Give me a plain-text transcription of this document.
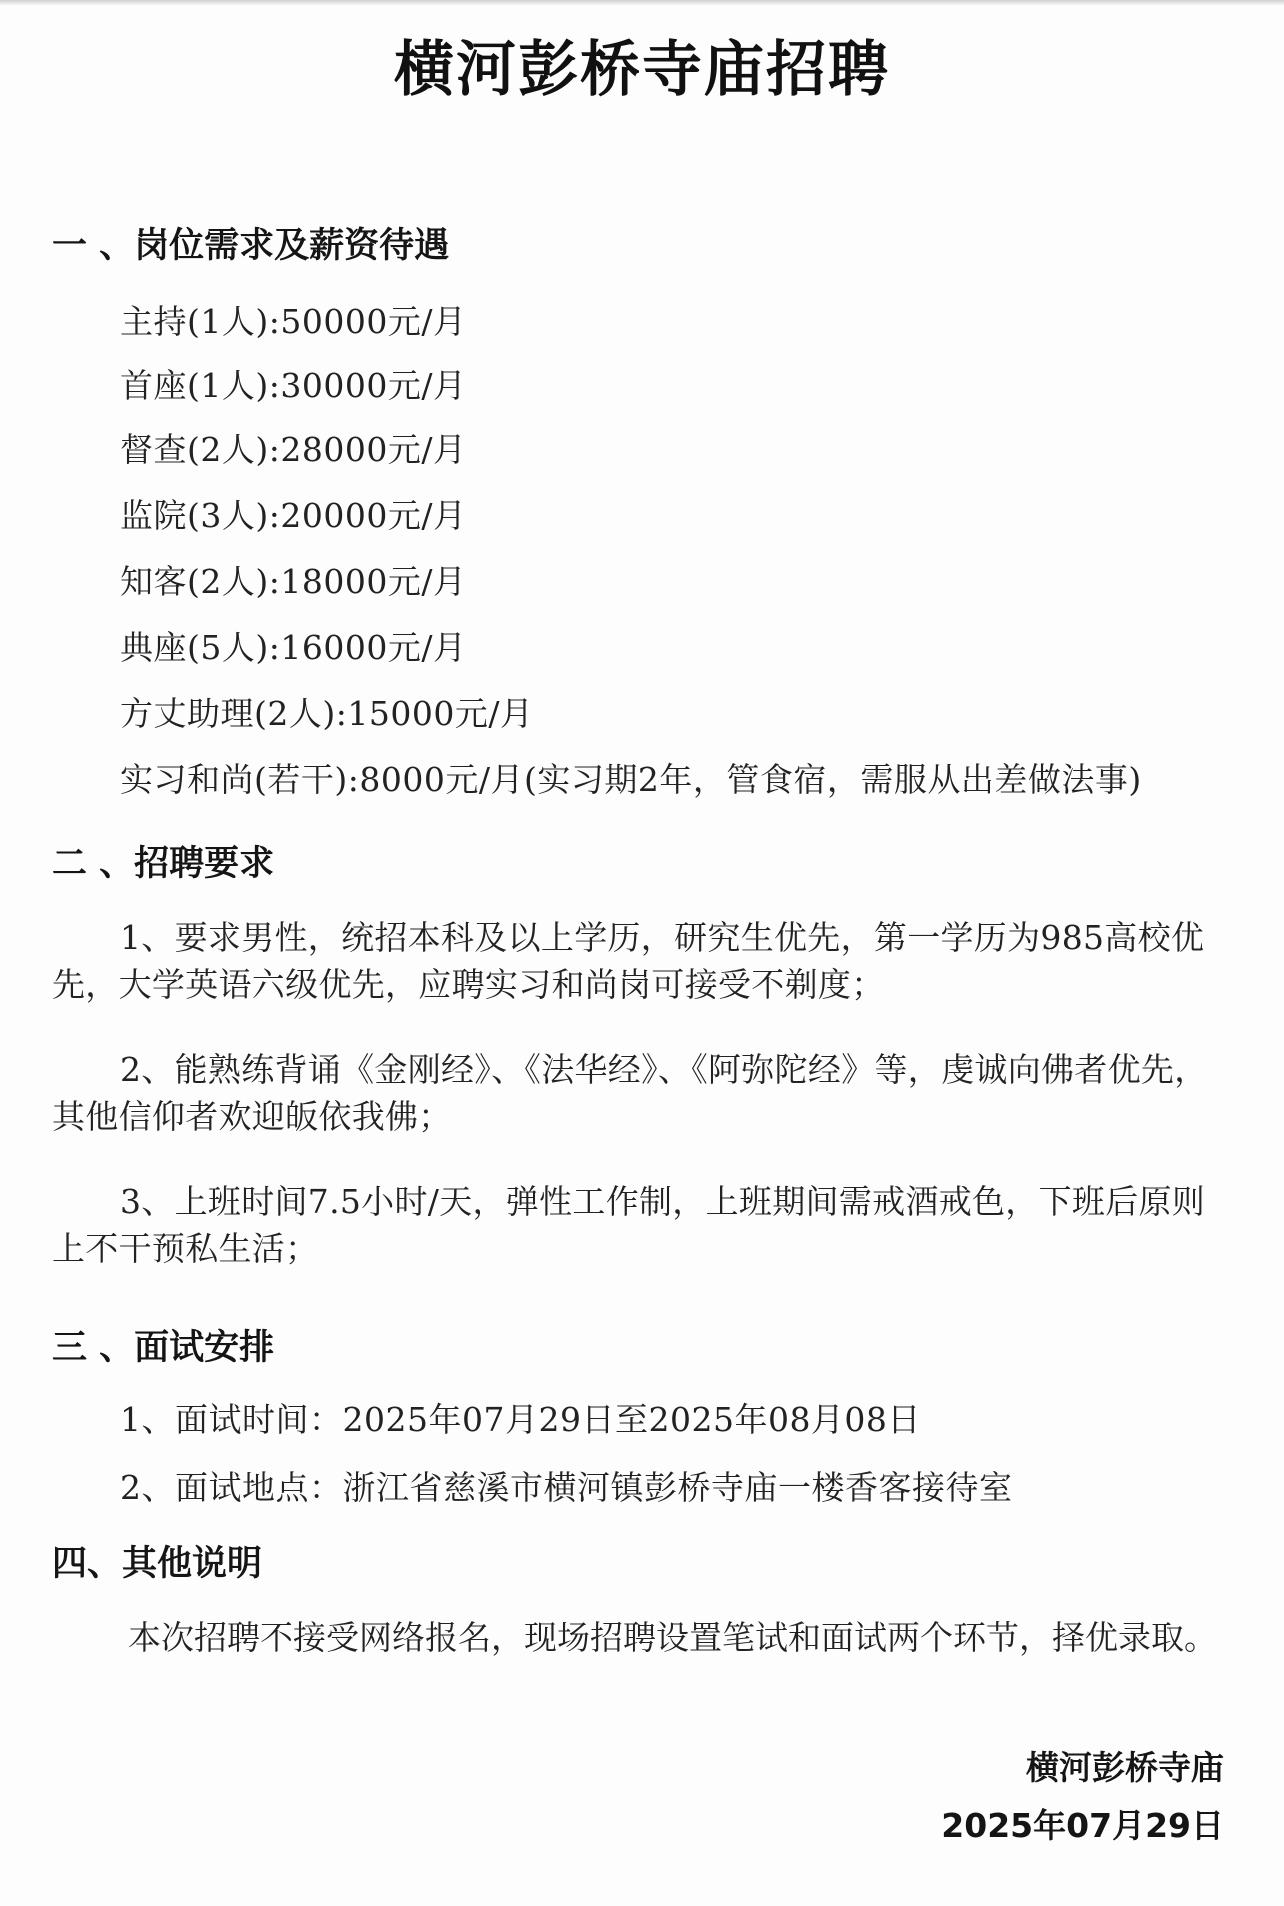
横河彭桥寺庙招聘
一 、岗位需求及薪资待遇
主持(1人):50000元/月
首座(1人):30000元/月
督查(2人):28000元/月
监院(3人):20000元/月
知客(2人):18000元/月
典座(5人):16000元/月
方丈助理(2人):15000元/月
实习和尚(若干):8000元/月(实习期2年，管食宿，需服从出差做法事)
二 、招聘要求
1、要求男性，统招本科及以上学历，研究生优先，第一学历为985高校优先，大学英语六级优先，应聘实习和尚岗可接受不剃度；
2、能熟练背诵《金刚经》、《法华经》、《阿弥陀经》等，虔诚向佛者优先，其他信仰者欢迎皈依我佛；
3、上班时间7.5小时/天，弹性工作制，上班期间需戒酒戒色，下班后原则上不干预私生活；
三 、面试安排
1、面试时间：2025年07月29日至2025年08月08日
2、面试地点：浙江省慈溪市横河镇彭桥寺庙一楼香客接待室
四、其他说明
本次招聘不接受网络报名，现场招聘设置笔试和面试两个环节，择优录取。
横河彭桥寺庙
2025年07月29日
